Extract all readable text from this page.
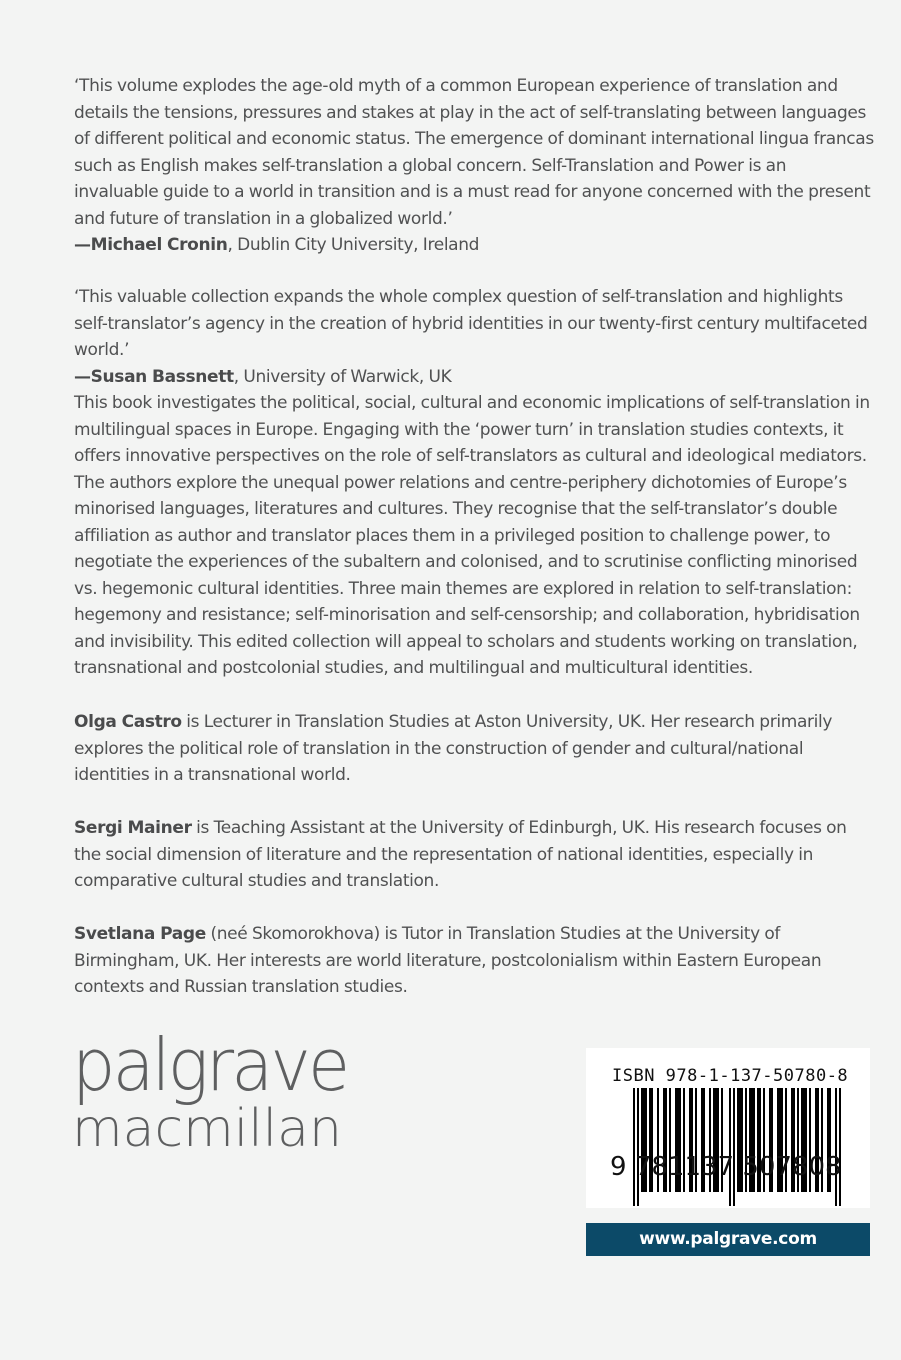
‘This volume explodes the age-old myth of a common European experience of translation and details the tensions, pressures and stakes at play in the act of self-translating between languages of different political and economic status. The emergence of dominant international lingua francas such as English makes self-translation a global concern. Self-Translation and Power is an invaluable guide to a world in transition and is a must read for anyone concerned with the present and future of translation in a globalized world.’

—Michael Cronin, Dublin City University, Ireland

‘This valuable collection expands the whole complex question of self-translation and highlights self-translator’s agency in the creation of hybrid identities in our twenty-first century multifaceted world.’

—Susan Bassnett, University of Warwick, UK

This book investigates the political, social, cultural and economic implications of self-translation in multilingual spaces in Europe. Engaging with the ‘power turn’ in translation studies contexts, it offers innovative perspectives on the role of self-translators as cultural and ideological mediators. The authors explore the unequal power relations and centre-periphery dichotomies of Europe’s minorised languages, literatures and cultures. They recognise that the self-translator’s double affiliation as author and translator places them in a privileged position to challenge power, to negotiate the experiences of the subaltern and colonised, and to scrutinise conflicting minorised vs. hegemonic cultural identities. Three main themes are explored in relation to self-translation: hegemony and resistance; self-minorisation and self-censorship; and collaboration, hybridisation and invisibility. This edited collection will appeal to scholars and students working on translation, transnational and postcolonial studies, and multilingual and multicultural identities.

Olga Castro is Lecturer in Translation Studies at Aston University, UK. Her research primarily explores the political role of translation in the construction of gender and cultural/national identities in a transnational world.

Sergi Mainer is Teaching Assistant at the University of Edinburgh, UK. His research focuses on the social dimension of literature and the representation of national identities, especially in comparative cultural studies and translation.

Svetlana Page (neé Skomorokhova) is Tutor in Translation Studies at the University of Birmingham, UK. Her interests are world literature, postcolonialism within Eastern European contexts and Russian translation studies.

palgrave
macmillan
ISBN 978-1-137-50780-8
9 781137 507808
www.palgrave.com
